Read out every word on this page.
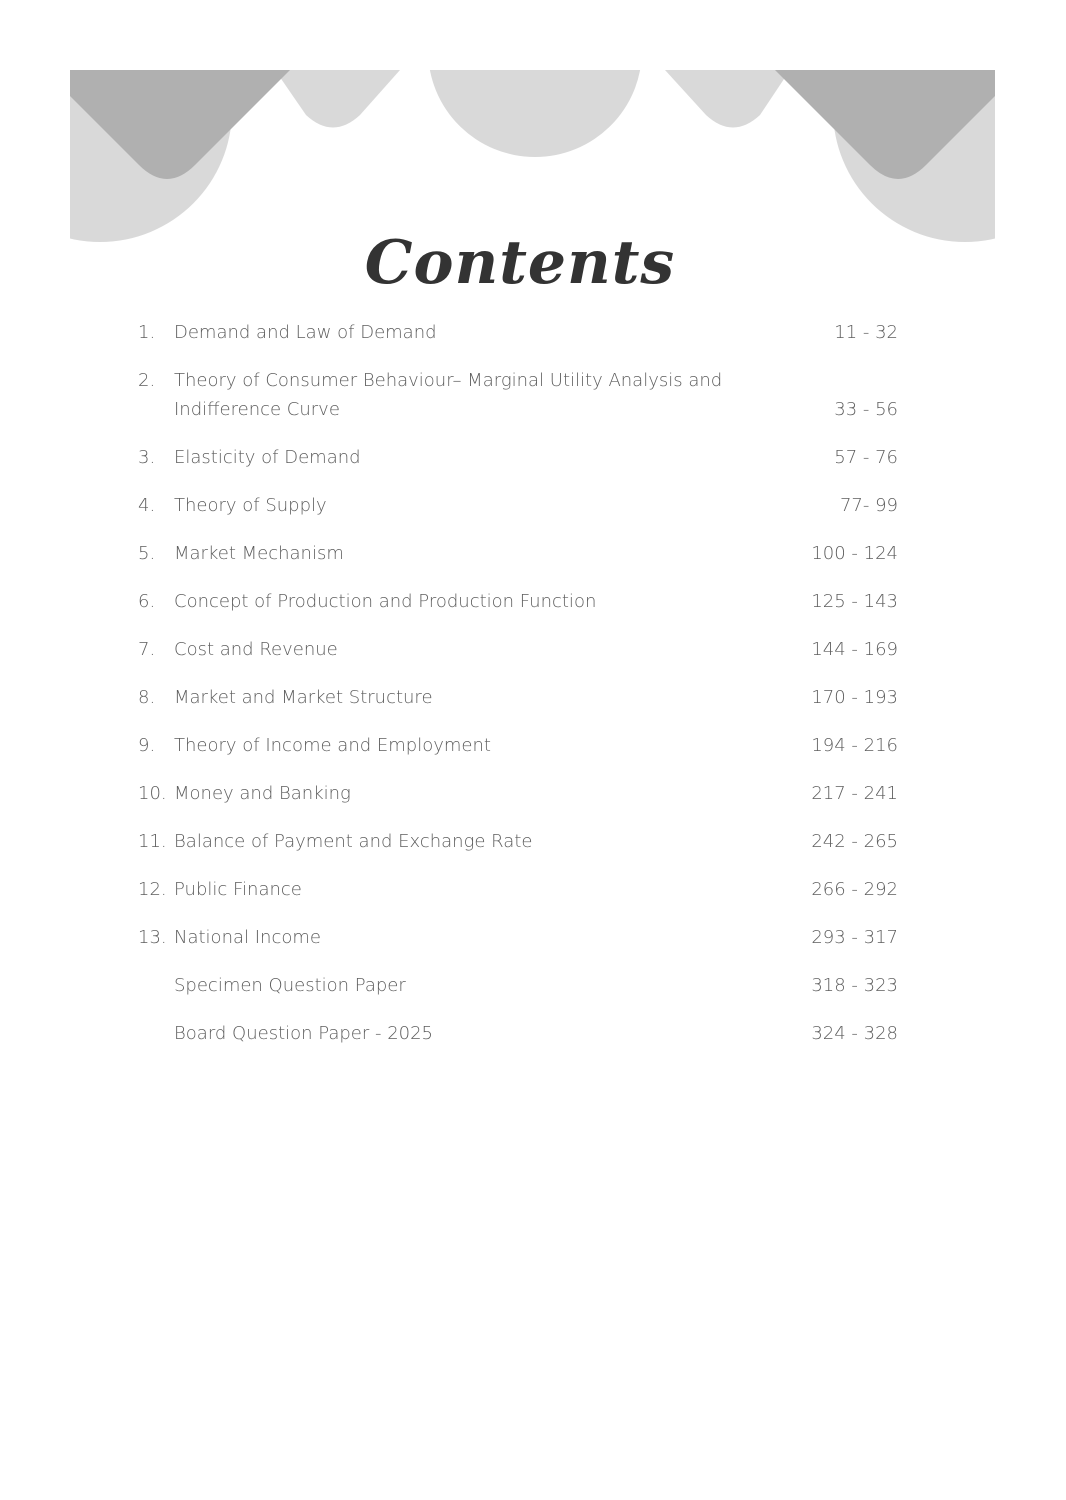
Contents
1.	Demand and Law of Demand	11 - 32
2.	Theory of Consumer Behaviour– Marginal Utility Analysis and Indifference Curve	33 - 56
3.	Elasticity of Demand	57 - 76
4.	Theory of Supply	77- 99
5.	Market Mechanism	100 - 124
6.	Concept of Production and Production Function	125 - 143
7.	Cost and Revenue	144 - 169
8.	Market and Market Structure	170 - 193
9.	Theory of Income and Employment	194 - 216
10. Money and Banking	217 - 241
11. Balance of Payment and Exchange Rate	242 - 265
12. Public Finance	266 - 292
13. National Income	293 - 317
Specimen Question Paper	318 - 323
Board Question Paper - 2025	324 - 328
